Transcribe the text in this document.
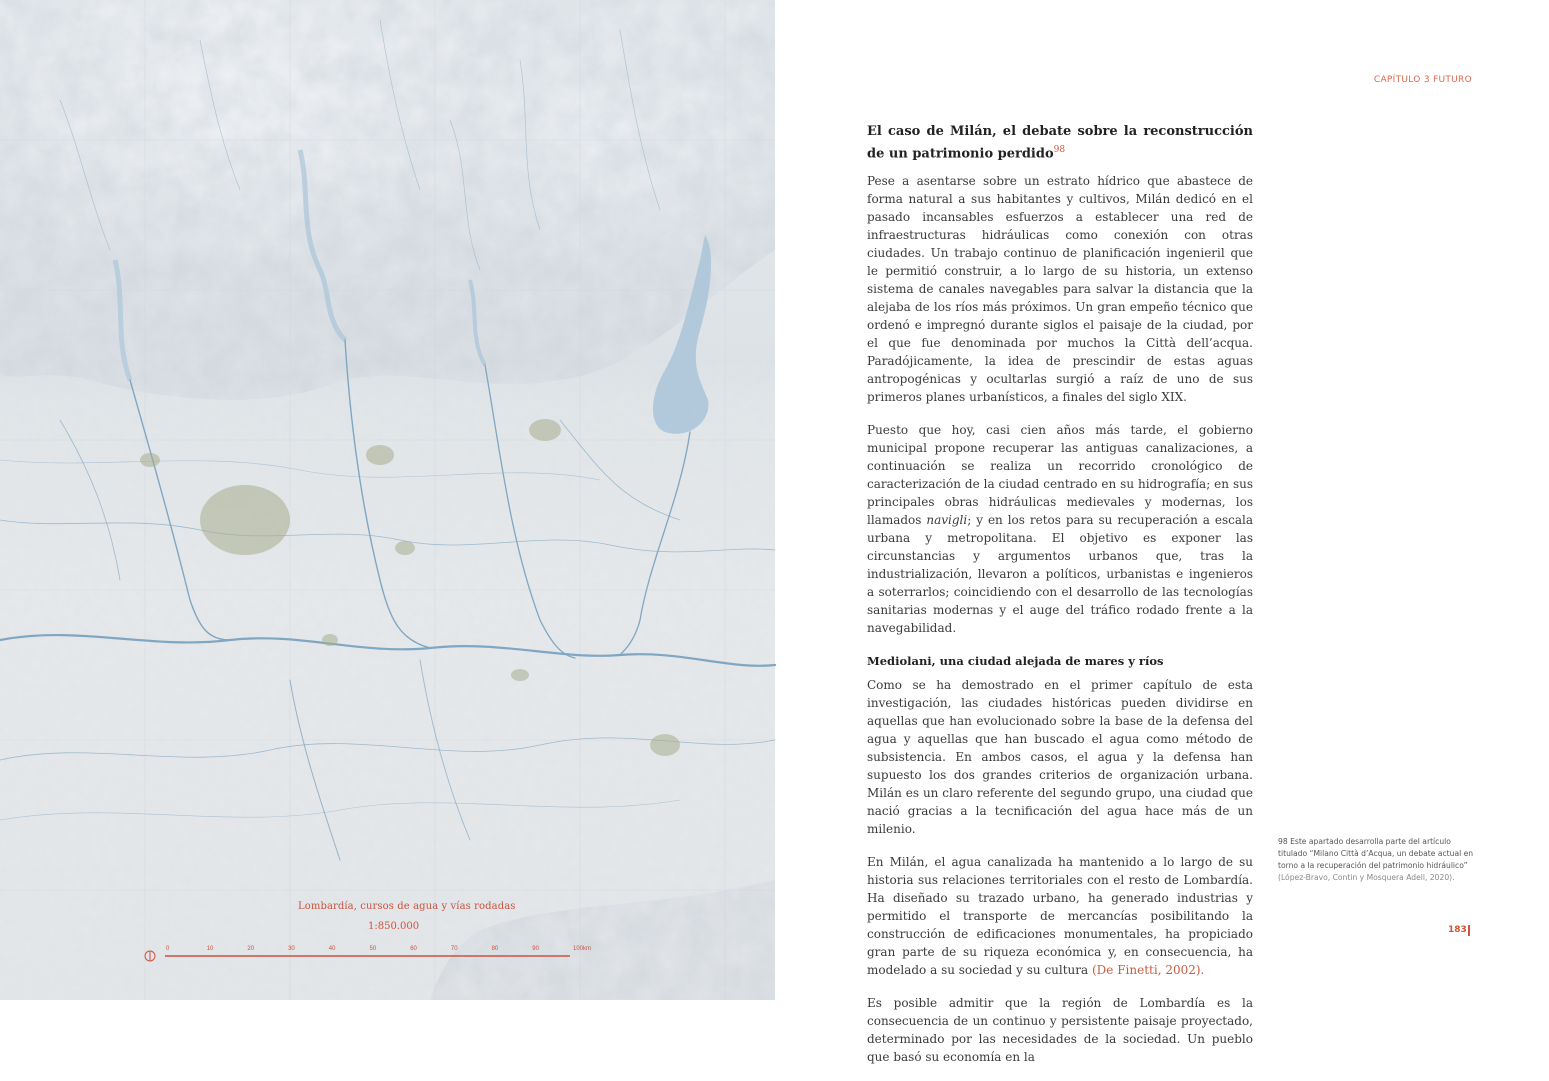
0	10	20	30	40	50	60	70	80	90	100km
Lombardía, cursos de agua y vías rodadas
1:850.000
CAPÍTULO 3 FUTURO
El caso de Milán, el debate sobre la reconstrucción de un patrimonio perdido$^{98}$

Pese a asentarse sobre un estrato hídrico que abastece de forma natural a sus habitantes y cultivos, Milán dedicó en el pasado incansables esfuerzos a establecer una red de infraestructuras hidráulicas como conexión con otras ciudades. Un trabajo continuo de planificación ingenieril que le permitió construir, a lo largo de su historia, un extenso sistema de canales navegables para salvar la distancia que la alejaba de los ríos más próximos. Un gran empeño técnico que ordenó e impregnó durante siglos el paisaje de la ciudad, por el que fue denominada por muchos la Città dell’acqua. Paradójicamente, la idea de prescindir de estas aguas antropogénicas y ocultarlas surgió a raíz de uno de sus primeros planes urbanísticos, a finales del siglo XIX.

Puesto que hoy, casi cien años más tarde, el gobierno municipal propone recuperar las antiguas canalizaciones, a continuación se realiza un recorrido cronológico de caracterización de la ciudad centrado en su hidrografía; en sus principales obras hidráulicas medievales y modernas, los llamados navigli; y en los retos para su recuperación a escala urbana y metropolitana. El objetivo es exponer las circunstancias y argumentos urbanos que, tras la industrialización, llevaron a políticos, urbanistas e ingenieros a soterrarlos; coincidiendo con el desarrollo de las tecnologías sanitarias modernas y el auge del tráfico rodado frente a la navegabilidad.

Mediolani, una ciudad alejada de mares y ríos

Como se ha demostrado en el primer capítulo de esta investigación, las ciudades históricas pueden dividirse en aquellas que han evolucionado sobre la base de la defensa del agua y aquellas que han buscado el agua como método de subsistencia. En ambos casos, el agua y la defensa han supuesto los dos grandes criterios de organización urbana. Milán es un claro referente del segundo grupo, una ciudad que nació gracias a la tecnificación del agua hace más de un milenio.

En Milán, el agua canalizada ha mantenido a lo largo de su historia sus relaciones territoriales con el resto de Lombardía. Ha diseñado su trazado urbano, ha generado industrias y permitido el transporte de mercancías posibilitando la construcción de edificaciones monumentales, ha propiciado gran parte de su riqueza económica y, en consecuencia, ha modelado a su sociedad y su cultura (De Finetti, 2002).

Es posible admitir que la región de Lombardía es la consecuencia de un continuo y persistente paisaje proyectado, determinado por las necesidades de la sociedad. Un pueblo que basó su economía en la

98 Este apartado desarrolla parte del artículo titulado “Milano Città d’Acqua, un debate actual en torno a la recuperación del patrimonio hidráulico” (López-Bravo, Contin y Mosquera Adell, 2020).
183
